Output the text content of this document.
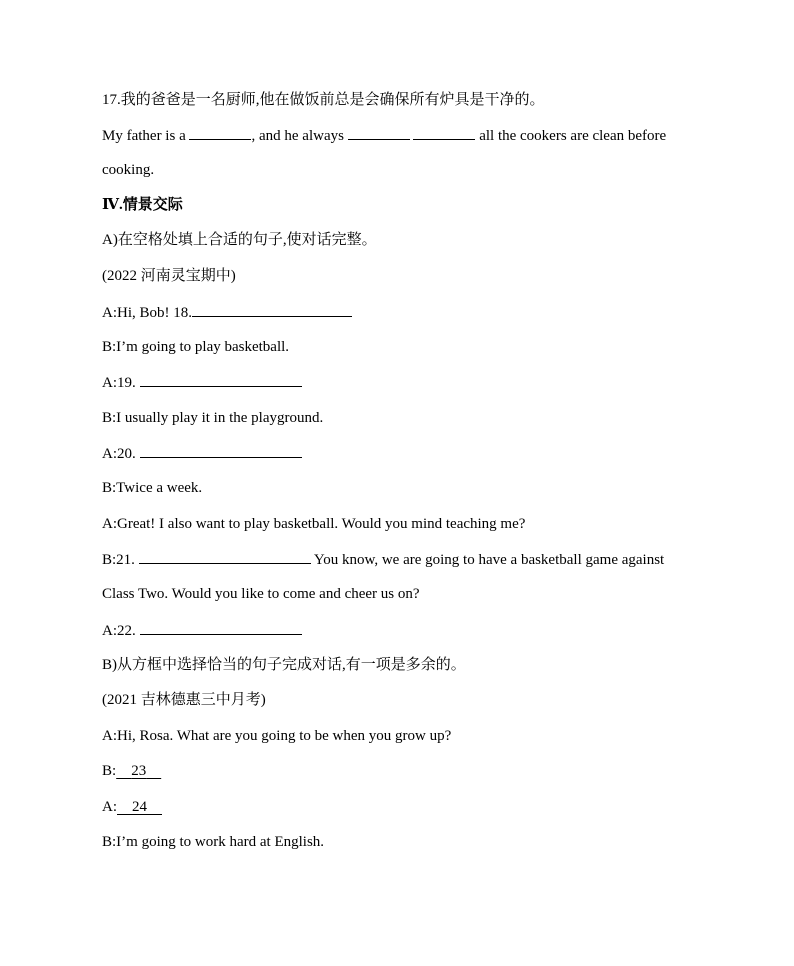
17.我的爸爸是一名厨师,他在做饭前总是会确保所有炉具是干净的。
My father is a	, and he always	all the cookers are clean before
cooking.
Ⅳ.情景交际
A)在空格处填上合适的句子,使对话完整。
(2022 河南灵宝期中)
A:Hi, Bob! 18.
B:I’m going to play basketball.
A:19.
B:I usually play it in the playground.
A:20.
B:Twice a week.
A:Great! I also want to play basketball. Would you mind teaching me?
B:21.	You know, we are going to have a basketball game against
Class Two. Would you like to come and cheer us on?
A:22.
B)从方框中选择恰当的句子完成对话,有一项是多余的。
(2021 吉林德惠三中月考)
A:Hi, Rosa. What are you going to be when you grow up?
B: 23
A: 24
B:I’m going to work hard at English.
